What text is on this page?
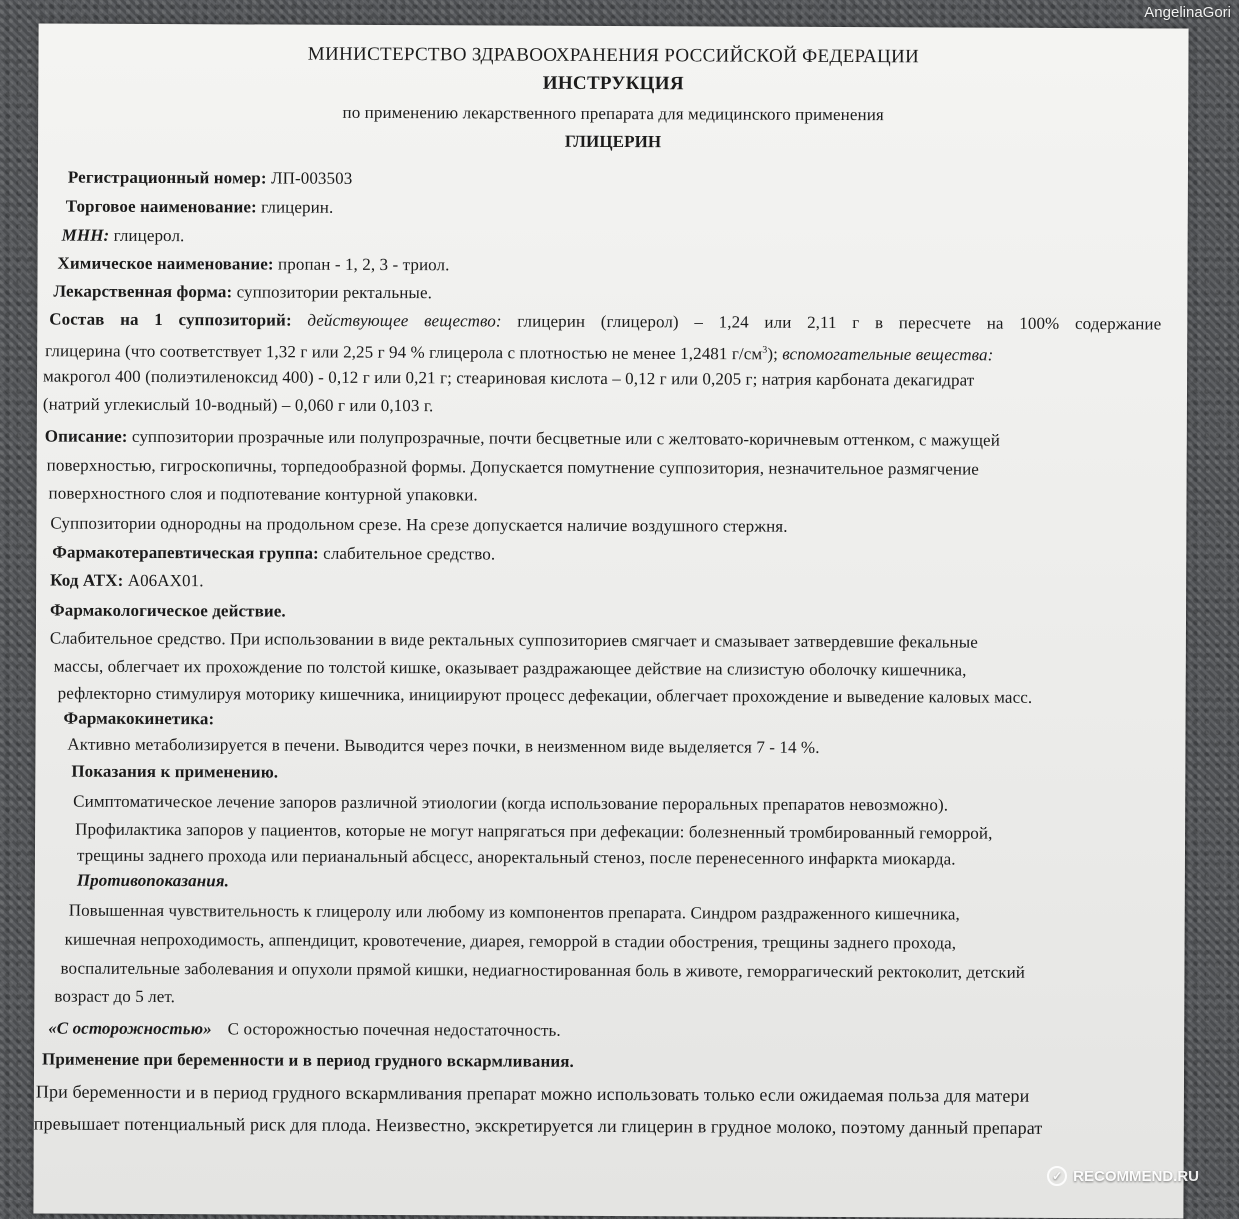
AngelinaGori
МИНИСТЕРСТВО ЗДРАВООХРАНЕНИЯ РОССИЙСКОЙ ФЕДЕРАЦИИ
ИНСТРУКЦИЯ
по применению лекарственного препарата для медицинского применения
ГЛИЦЕРИН
Регистрационный номер: ЛП-003503
Торговое наименование: глицерин.
МНН: глицерол.
Химическое наименование: пропан - 1, 2, 3 - триол.
Лекарственная форма: суппозитории ректальные.
Состав на 1 суппозиторий: действующее вещество: глицерин (глицерол) – 1,24 или 2,11 г в пересчете на 100% содержание
глицерина (что соответствует 1,32 г или 2,25 г 94 % глицерола с плотностью не менее 1,2481 $г/см^3$); вспомогательные вещества:
макрогол 400 (полиэтиленоксид 400) - 0,12 г или 0,21 г; стеариновая кислота – 0,12 г или 0,205 г; натрия карбоната декагидрат
(натрий углекислый 10-водный) – 0,060 г или 0,103 г.
Описание: суппозитории прозрачные или полупрозрачные, почти бесцветные или с желтовато-коричневым оттенком, с мажущей
поверхностью, гигроскопичны, торпедообразной формы. Допускается помутнение суппозитория, незначительное размягчение
поверхностного слоя и подпотевание контурной упаковки.
Суппозитории однородны на продольном срезе. На срезе допускается наличие воздушного стержня.
Фармакотерапевтическая группа: слабительное средство.
Код АТХ: A06AX01.
Фармакологическое действие.
Слабительное средство. При использовании в виде ректальных суппозиториев смягчает и смазывает затвердевшие фекальные
массы, облегчает их прохождение по толстой кишке, оказывает раздражающее действие на слизистую оболочку кишечника,
рефлекторно стимулируя моторику кишечника, инициируют процесс дефекации, облегчает прохождение и выведение каловых масс.
Фармакокинетика:
Активно метаболизируется в печени. Выводится через почки, в неизменном виде выделяется 7 - 14 %.
Показания к применению.
Симптоматическое лечение запоров различной этиологии (когда использование пероральных препаратов невозможно).
Профилактика запоров у пациентов, которые не могут напрягаться при дефекации: болезненный тромбированный геморрой,
трещины заднего прохода или перианальный абсцесс, аноректальный стеноз, после перенесенного инфаркта миокарда.
Противопоказания.
Повышенная чувствительность к глицеролу или любому из компонентов препарата. Синдром раздраженного кишечника,
кишечная непроходимость, аппендицит, кровотечение, диарея, геморрой в стадии обострения, трещины заднего прохода,
воспалительные заболевания и опухоли прямой кишки, недиагностированная боль в животе, геморрагический ректоколит, детский
возраст до 5 лет.
«С осторожностью» С осторожностью почечная недостаточность.
Применение при беременности и в период грудного вскармливания.
При беременности и в период грудного вскармливания препарат можно использовать только если ожидаемая польза для матери
превышает потенциальный риск для плода. Неизвестно, экскретируется ли глицерин в грудное молоко, поэтому данный препарат
✓ RECOMMEND.RU
